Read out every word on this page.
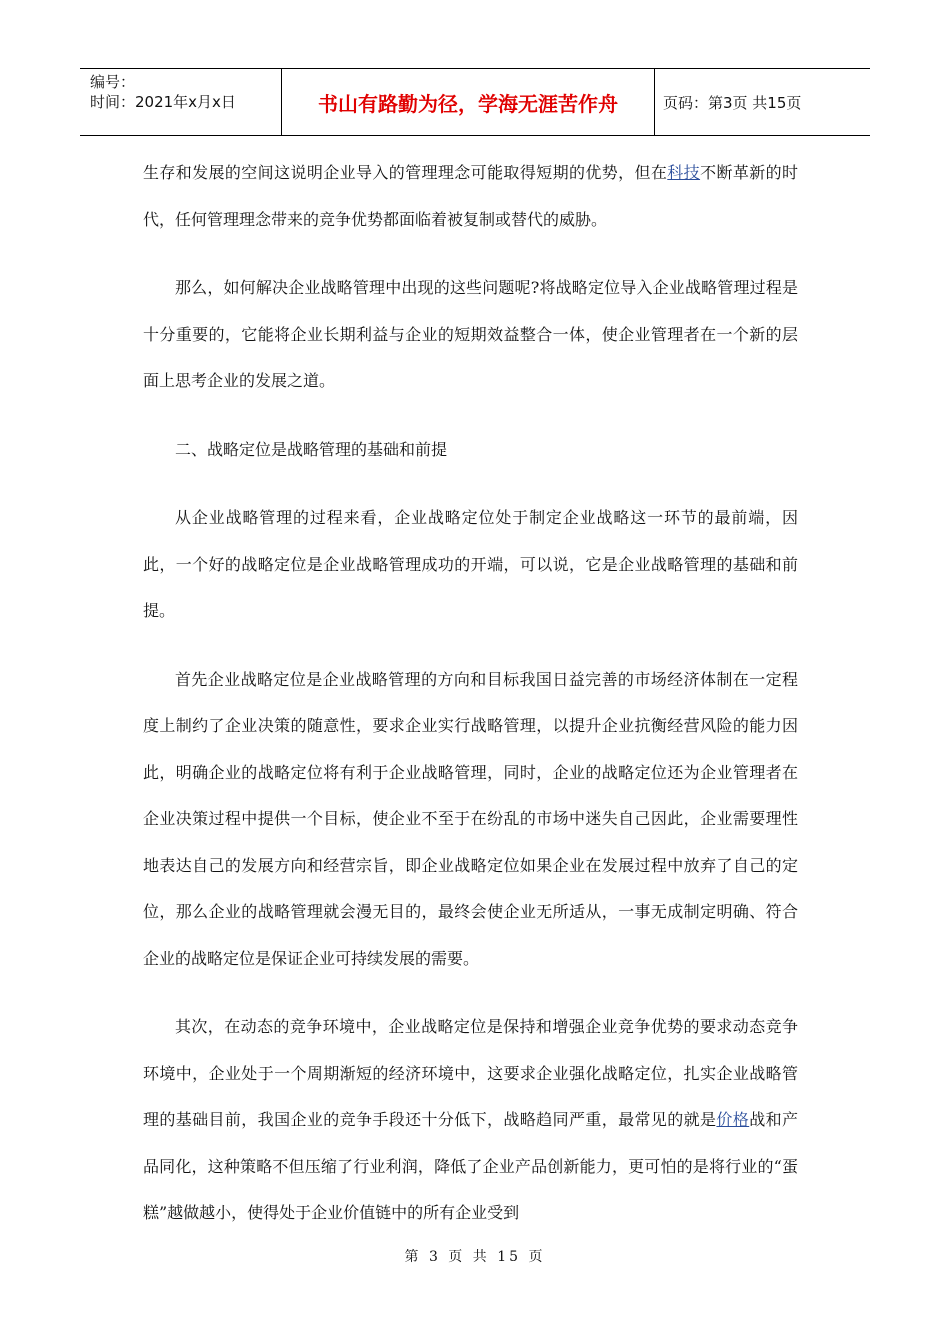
编号：
时间：2021年x月x日	书山有路勤为径，学海无涯苦作舟	页码：第3页 共15页

生存和发展的空间这说明企业导入的管理理念可能取得短期的优势，但在科技不断革新的时代，任何管理理念带来的竞争优势都面临着被复制或替代的威胁。

那么，如何解决企业战略管理中出现的这些问题呢?将战略定位导入企业战略管理过程是十分重要的，它能将企业长期利益与企业的短期效益整合一体，使企业管理者在一个新的层面上思考企业的发展之道。

二、战略定位是战略管理的基础和前提

从企业战略管理的过程来看，企业战略定位处于制定企业战略这一环节的最前端，因此，一个好的战略定位是企业战略管理成功的开端，可以说，它是企业战略管理的基础和前提。

首先企业战略定位是企业战略管理的方向和目标我国日益完善的市场经济体制在一定程度上制约了企业决策的随意性，要求企业实行战略管理，以提升企业抗衡经营风险的能力因此，明确企业的战略定位将有利于企业战略管理，同时，企业的战略定位还为企业管理者在企业决策过程中提供一个目标，使企业不至于在纷乱的市场中迷失自己因此，企业需要理性地表达自己的发展方向和经营宗旨，即企业战略定位如果企业在发展过程中放弃了自己的定位，那么企业的战略管理就会漫无目的，最终会使企业无所适从，一事无成制定明确、符合企业的战略定位是保证企业可持续发展的需要。

其次，在动态的竞争环境中，企业战略定位是保持和增强企业竞争优势的要求动态竞争环境中，企业处于一个周期渐短的经济环境中，这要求企业强化战略定位，扎实企业战略管理的基础目前，我国企业的竞争手段还十分低下，战略趋同严重，最常见的就是价格战和产品同化，这种策略不但压缩了行业利润，降低了企业产品创新能力，更可怕的是将行业的“蛋糕”越做越小，使得处于企业价值链中的所有企业受到

第 3 页 共 15 页
